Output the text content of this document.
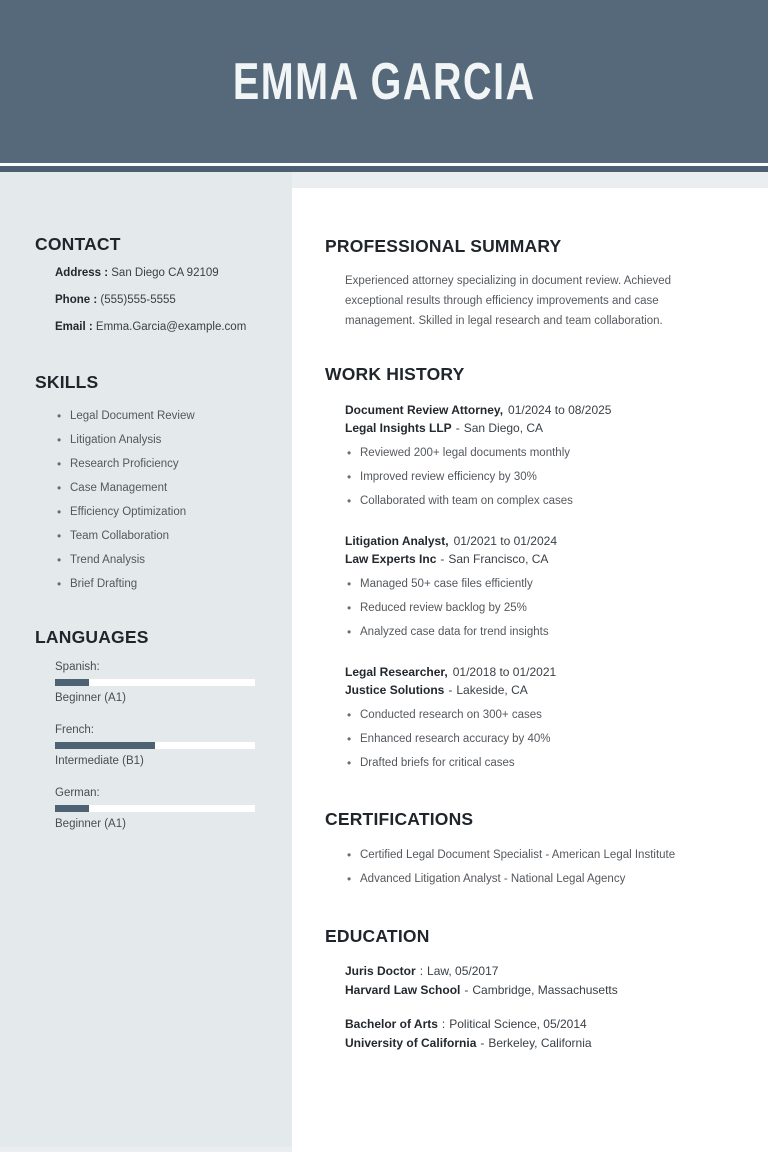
EMMA GARCIA
CONTACT
Address : San Diego CA 92109
Phone : (555)555-5555
Email : Emma.Garcia@example.com
SKILLS
• Legal Document Review
• Litigation Analysis
• Research Proficiency
• Case Management
• Efficiency Optimization
• Team Collaboration
• Trend Analysis
• Brief Drafting
LANGUAGES
Spanish:
Beginner (A1)
French:
Intermediate (B1)
German:
Beginner (A1)
PROFESSIONAL SUMMARY

Experienced attorney specializing in document review. Achieved exceptional results through efficiency improvements and case management. Skilled in legal research and team collaboration.

WORK HISTORY
Document Review Attorney, 01/2024 to 08/2025
Legal Insights LLP - San Diego, CA
• Reviewed 200+ legal documents monthly
• Improved review efficiency by 30%
• Collaborated with team on complex cases
Litigation Analyst, 01/2021 to 01/2024
Law Experts Inc - San Francisco, CA
• Managed 50+ case files efficiently
• Reduced review backlog by 25%
• Analyzed case data for trend insights
Legal Researcher, 01/2018 to 01/2021
Justice Solutions - Lakeside, CA
• Conducted research on 300+ cases
• Enhanced research accuracy by 40%
• Drafted briefs for critical cases
CERTIFICATIONS
• Certified Legal Document Specialist - American Legal Institute
• Advanced Litigation Analyst - National Legal Agency
EDUCATION
Juris Doctor : Law, 05/2017
Harvard Law School - Cambridge, Massachusetts
Bachelor of Arts : Political Science, 05/2014
University of California - Berkeley, California
